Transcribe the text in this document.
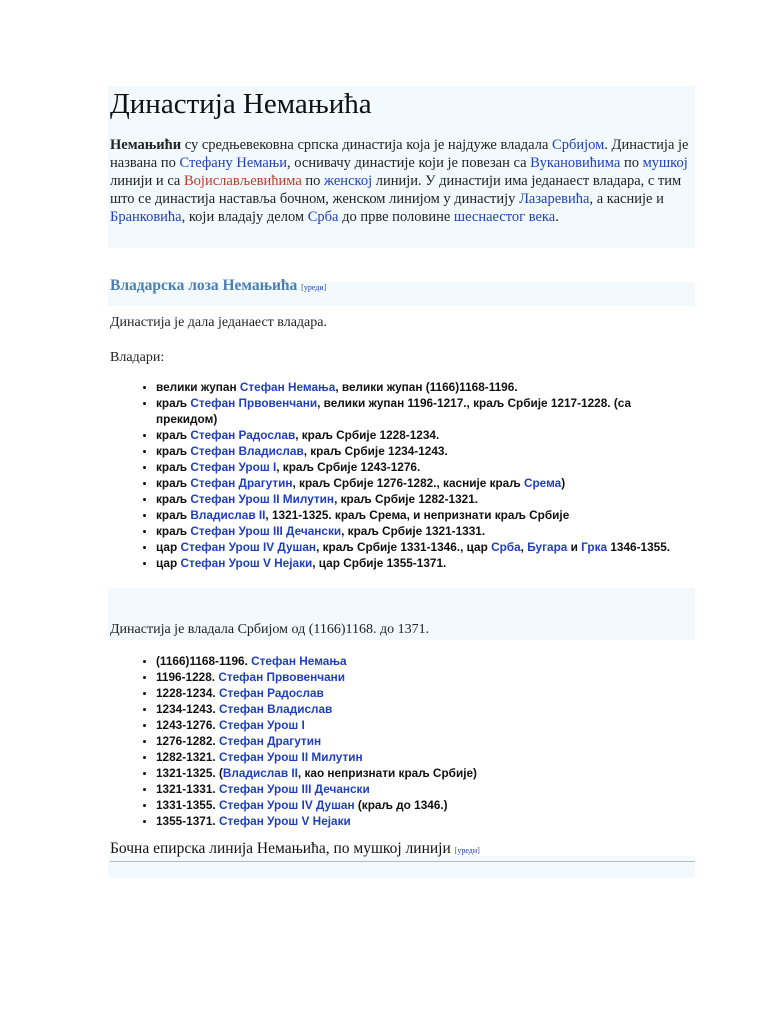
Династија Немањића

Немањићи су средњевековна српска династија која је најдуже владала Србијом. Династија је названа по Стефану Немањи, оснивачу династије који је повезан са Вукановићима по мушкој линији и са Војислављевићима по женској линији. У династији има једанаест владара, с тим што се династија наставља бочном, женском линијом у династију Лазаревића, а касније и Бранковића, који владају делом Срба до прве половине шеснаестог века.

Владарска лоза Немањића [уреди]

Династија је дала једанаест владара.

Владари:

• велики жупан Стефан Немања, велики жупан (1166)1168-1196.
• краљ Стефан Првовенчани, велики жупан 1196-1217., краљ Србије 1217-1228. (са прекидом)
• краљ Стефан Радослав, краљ Србије 1228-1234.
• краљ Стефан Владислав, краљ Србије 1234-1243.
• краљ Стефан Урош I, краљ Србије 1243-1276.
• краљ Стефан Драгутин, краљ Србије 1276-1282., касније краљ Срема)
• краљ Стефан Урош II Милутин, краљ Србије 1282-1321.
• краљ Владислав II, 1321-1325. краљ Срема, и непризнати краљ Србије
• краљ Стефан Урош III Дечански, краљ Србије 1321-1331.
• цар Стефан Урош IV Душан, краљ Србије 1331-1346., цар Срба, Бугара и Грка 1346-1355.
• цар Стефан Урош V Нејаки, цар Србије 1355-1371.

Династија је владала Србијом од (1166)1168. до 1371.

• (1166)1168-1196. Стефан Немања
• 1196-1228. Стефан Првовенчани
• 1228-1234. Стефан Радослав
• 1234-1243. Стефан Владислав
• 1243-1276. Стефан Урош I
• 1276-1282. Стефан Драгутин
• 1282-1321. Стефан Урош II Милутин
• 1321-1325. (Владислав II, као непризнати краљ Србије)
• 1321-1331. Стефан Урош III Дечански
• 1331-1355. Стефан Урош IV Душан (краљ до 1346.)
• 1355-1371. Стефан Урош V Нејаки
Бочна епирска линија Немањића, по мушкој линији [уреди]
